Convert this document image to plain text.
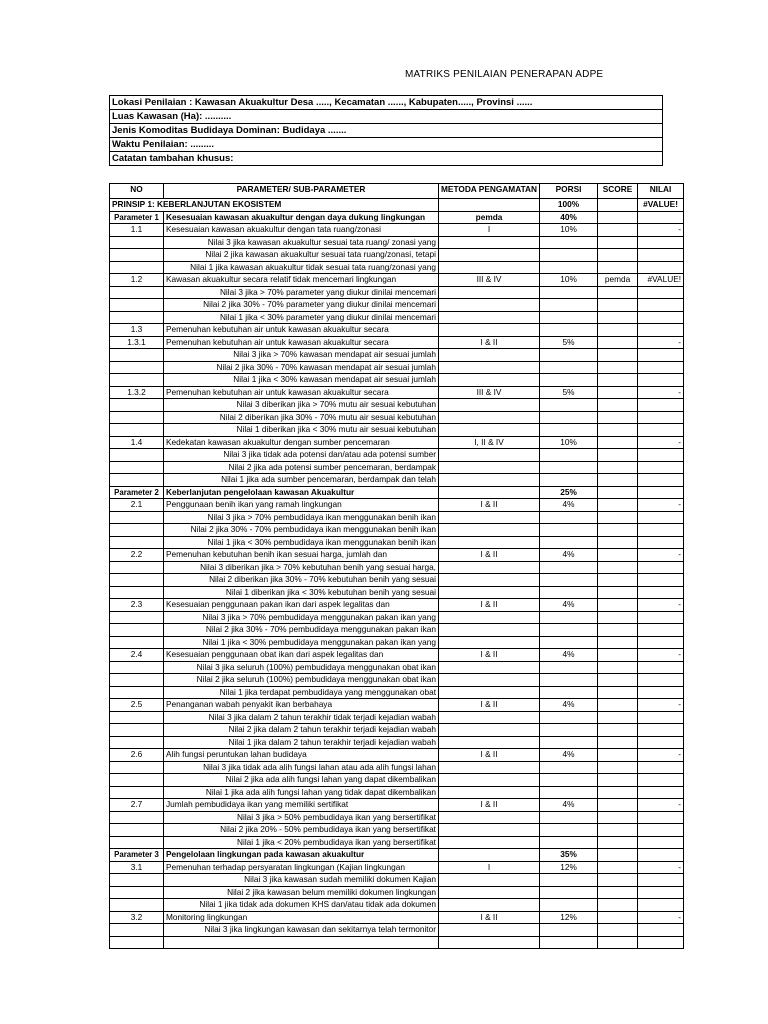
MATRIKS PENILAIAN PENERAPAN ADPE
Lokasi Penilaian : Kawasan Akuakultur Desa ....., Kecamatan ......, Kabupaten....., Provinsi ......
Luas Kawasan (Ha): ..........
Jenis Komoditas Budidaya Dominan: Budidaya .......
Waktu Penilaian: .........
Catatan tambahan khusus:
NO	PARAMETER/ SUB-PARAMETER	METODA PENGAMATAN	PORSI	SCORE	NILAI
PRINSIP 1: KEBERLANJUTAN EKOSISTEM			100%		#VALUE!
Parameter 1	Kesesuaian kawasan akuakultur dengan daya dukung lingkungan	pemda	40%		
1.1	Kesesuaian kawasan akuakultur dengan tata ruang/zonasi	I	10%		-
	Nilai 3 jika kawasan akuakultur sesuai tata ruang/ zonasi yang				
	Nilai 2 jika kawasan akuakultur sesuai tata ruang/zonasi, tetapi				
	Nilai 1 jika kawasan akuakultur tidak sesuai tata ruang/zonasi yang				
1.2	Kawasan akuakultur secara relatif tidak mencemari lingkungan	III & IV	10%	pemda	#VALUE!
	Nilai 3 jika > 70% parameter yang diukur dinilai mencemari				
	Nilai 2 jika 30% - 70% parameter yang diukur dinilai mencemari				
	Nilai 1 jika < 30% parameter yang diukur dinilai mencemari				
1.3	Pemenuhan kebutuhan air untuk kawasan akuakultur secara				
1.3.1	Pemenuhan kebutuhan air untuk kawasan akuakultur secara	I & II	5%		-
	Nilai 3 jika > 70% kawasan mendapat air sesuai jumlah				
	Nilai 2 jika 30% - 70% kawasan mendapat air sesuai jumlah				
	Nilai 1 jika < 30% kawasan mendapat air sesuai jumlah				
1.3.2	Pemenuhan kebutuhan air untuk kawasan akuakultur secara	III & IV	5%		-
	Nilai 3 diberikan jika > 70% mutu air sesuai kebutuhan				
	Nilai 2 diberikan jika 30% - 70% mutu air sesuai kebutuhan				
	Nilai 1 diberikan jika < 30% mutu air sesuai kebutuhan				
1.4	Kedekatan kawasan akuakultur dengan sumber pencemaran	I, II & IV	10%		-
	Nilai 3 jika tidak ada potensi dan/atau ada potensi sumber				
	Nilai 2 jika ada potensi sumber pencemaran, berdampak				
	Nilai 1 jika ada sumber pencemaran, berdampak dan telah				
Parameter 2	Keberlanjutan pengelolaan kawasan Akuakultur		25%		
2.1	Penggunaan benih ikan yang ramah lingkungan	I & II	4%		-
	Nilai 3 jika > 70% pembudidaya ikan menggunakan benih ikan				
	Nilai 2 jika 30% - 70% pembudidaya ikan menggunakan benih ikan				
	Nilai 1 jika < 30% pembudidaya ikan menggunakan benih ikan				
2.2	Pemenuhan kebutuhan benih ikan sesuai harga, jumlah dan	I & II	4%		-
	Nilai 3 diberikan jika > 70% kebutuhan benih yang sesuai harga,				
	Nilai 2 diberikan jika 30% - 70% kebutuhan benih yang sesuai				
	Nilai 1 diberikan jika < 30% kebutuhan benih yang sesuai				
2.3	Kesesuaian penggunaan pakan ikan dari aspek legalitas dan	I & II	4%		-
	Nilai 3 jika > 70% pembudidaya menggunakan pakan ikan yang				
	Nilai 2 jika 30% - 70% pembudidaya menggunakan pakan ikan				
	Nilai 1 jika < 30% pembudidaya menggunakan pakan ikan yang				
2.4	Kesesuaian penggunaan obat ikan dari aspek legalitas dan	I & II	4%		-
	Nilai 3 jika seluruh (100%) pembudidaya menggunakan obat ikan				
	Nilai 2 jika seluruh (100%) pembudidaya menggunakan obat ikan				
	Nilai 1 jika terdapat pembudidaya yang menggunakan obat				
2.5	Penanganan wabah penyakit ikan berbahaya	I & II	4%		-
	Nilai 3 jika dalam 2 tahun terakhir tidak terjadi kejadian wabah				
	Nilai 2 jika dalam 2 tahun terakhir terjadi kejadian wabah				
	Nilai 1 jika dalam 2 tahun terakhir terjadi kejadian wabah				
2.6	Alih fungsi peruntukan lahan budidaya	I & II	4%		-
	Nilai 3 jika tidak ada alih fungsi lahan atau ada alih fungsi lahan				
	Nilai 2 jika ada alih fungsi lahan yang dapat dikembalikan				
	Nilai 1 jika ada alih fungsi lahan yang tidak dapat dikembalikan				
2.7	Jumlah pembudidaya ikan yang memiliki sertifikat	I & II	4%		-
	Nilai 3 jika > 50% pembudidaya ikan yang bersertifikat				
	Nilai 2 jika 20% - 50% pembudidaya ikan yang bersertifikat				
	Nilai 1 jika < 20% pembudidaya ikan yang bersertifikat				
Parameter 3	Pengelolaan lingkungan pada kawasan akuakultur		35%		
3.1	Pemenuhan terhadap persyaratan lingkungan (Kajian lingkungan	I	12%		-
	Nilai 3 jika kawasan sudah memiliki dokumen Kajian				
	Nilai 2 jika kawasan belum memiliki dokumen lingkungan				
	Nilai 1 jika tidak ada dokumen KHS dan/atau tidak ada dokumen				
3.2	Monitoring lingkungan	I & II	12%		-
	Nilai 3 jika lingkungan kawasan dan sekitarnya telah termonitor				
